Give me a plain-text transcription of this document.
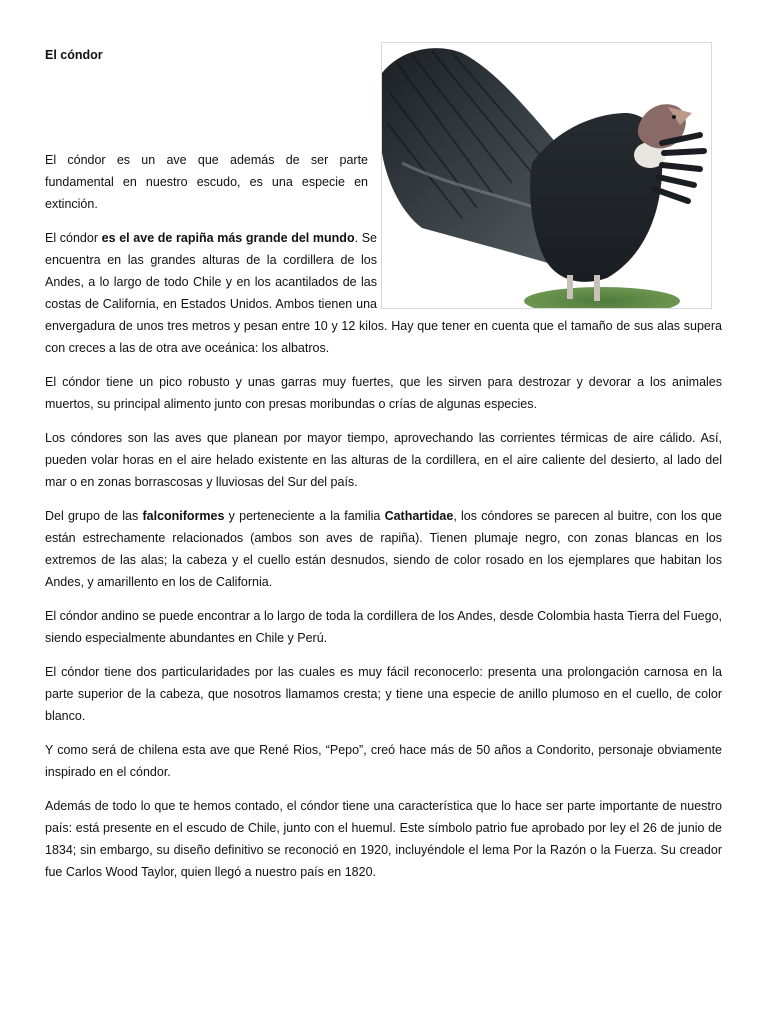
El cóndor

El cóndor es un ave que además de ser parte fundamental en nuestro escudo, es una especie en extinción.

El cóndor es el ave de rapiña más grande del mundo. Se encuentra en las grandes alturas de la cordillera de los Andes, a lo largo de todo Chile y en los acantilados de las costas de California, en Estados Unidos. Ambos tienen una envergadura de unos tres metros y pesan entre 10 y 12 kilos. Hay que tener en cuenta que el tamaño de sus alas supera con creces a las de otra ave oceánica: los albatros.

El cóndor tiene un pico robusto y unas garras muy fuertes, que les sirven para destrozar y devorar a los animales muertos, su principal alimento junto con presas moribundas o crías de algunas especies.

Los cóndores son las aves que planean por mayor tiempo, aprovechando las corrientes térmicas de aire cálido. Así, pueden volar horas en el aire helado existente en las alturas de la cordillera, en el aire caliente del desierto, al lado del mar o en zonas borrascosas y lluviosas del Sur del país.

Del grupo de las falconiformes y perteneciente a la familia Cathartidae, los cóndores se parecen al buitre, con los que están estrechamente relacionados (ambos son aves de rapiña). Tienen plumaje negro, con zonas blancas en los extremos de las alas; la cabeza y el cuello están desnudos, siendo de color rosado en los ejemplares que habitan los Andes, y amarillento en los de California.

El cóndor andino se puede encontrar a lo largo de toda la cordillera de los Andes, desde Colombia hasta Tierra del Fuego, siendo especialmente abundantes en Chile y Perú.

El cóndor tiene dos particularidades por las cuales es muy fácil reconocerlo: presenta una prolongación carnosa en la parte superior de la cabeza, que nosotros llamamos cresta; y tiene una especie de anillo plumoso en el cuello, de color blanco.

Y como será de chilena esta ave que René Rios, “Pepo”, creó hace más de 50 años a Condorito, personaje obviamente inspirado en el cóndor.

Además de todo lo que te hemos contado, el cóndor tiene una característica que lo hace ser parte importante de nuestro país: está presente en el escudo de Chile, junto con el huemul. Este símbolo patrio fue aprobado por ley el 26 de junio de 1834; sin embargo, su diseño definitivo se reconoció en 1920, incluyéndole el lema Por la Razón o la Fuerza. Su creador fue Carlos Wood Taylor, quien llegó a nuestro país en 1820.
